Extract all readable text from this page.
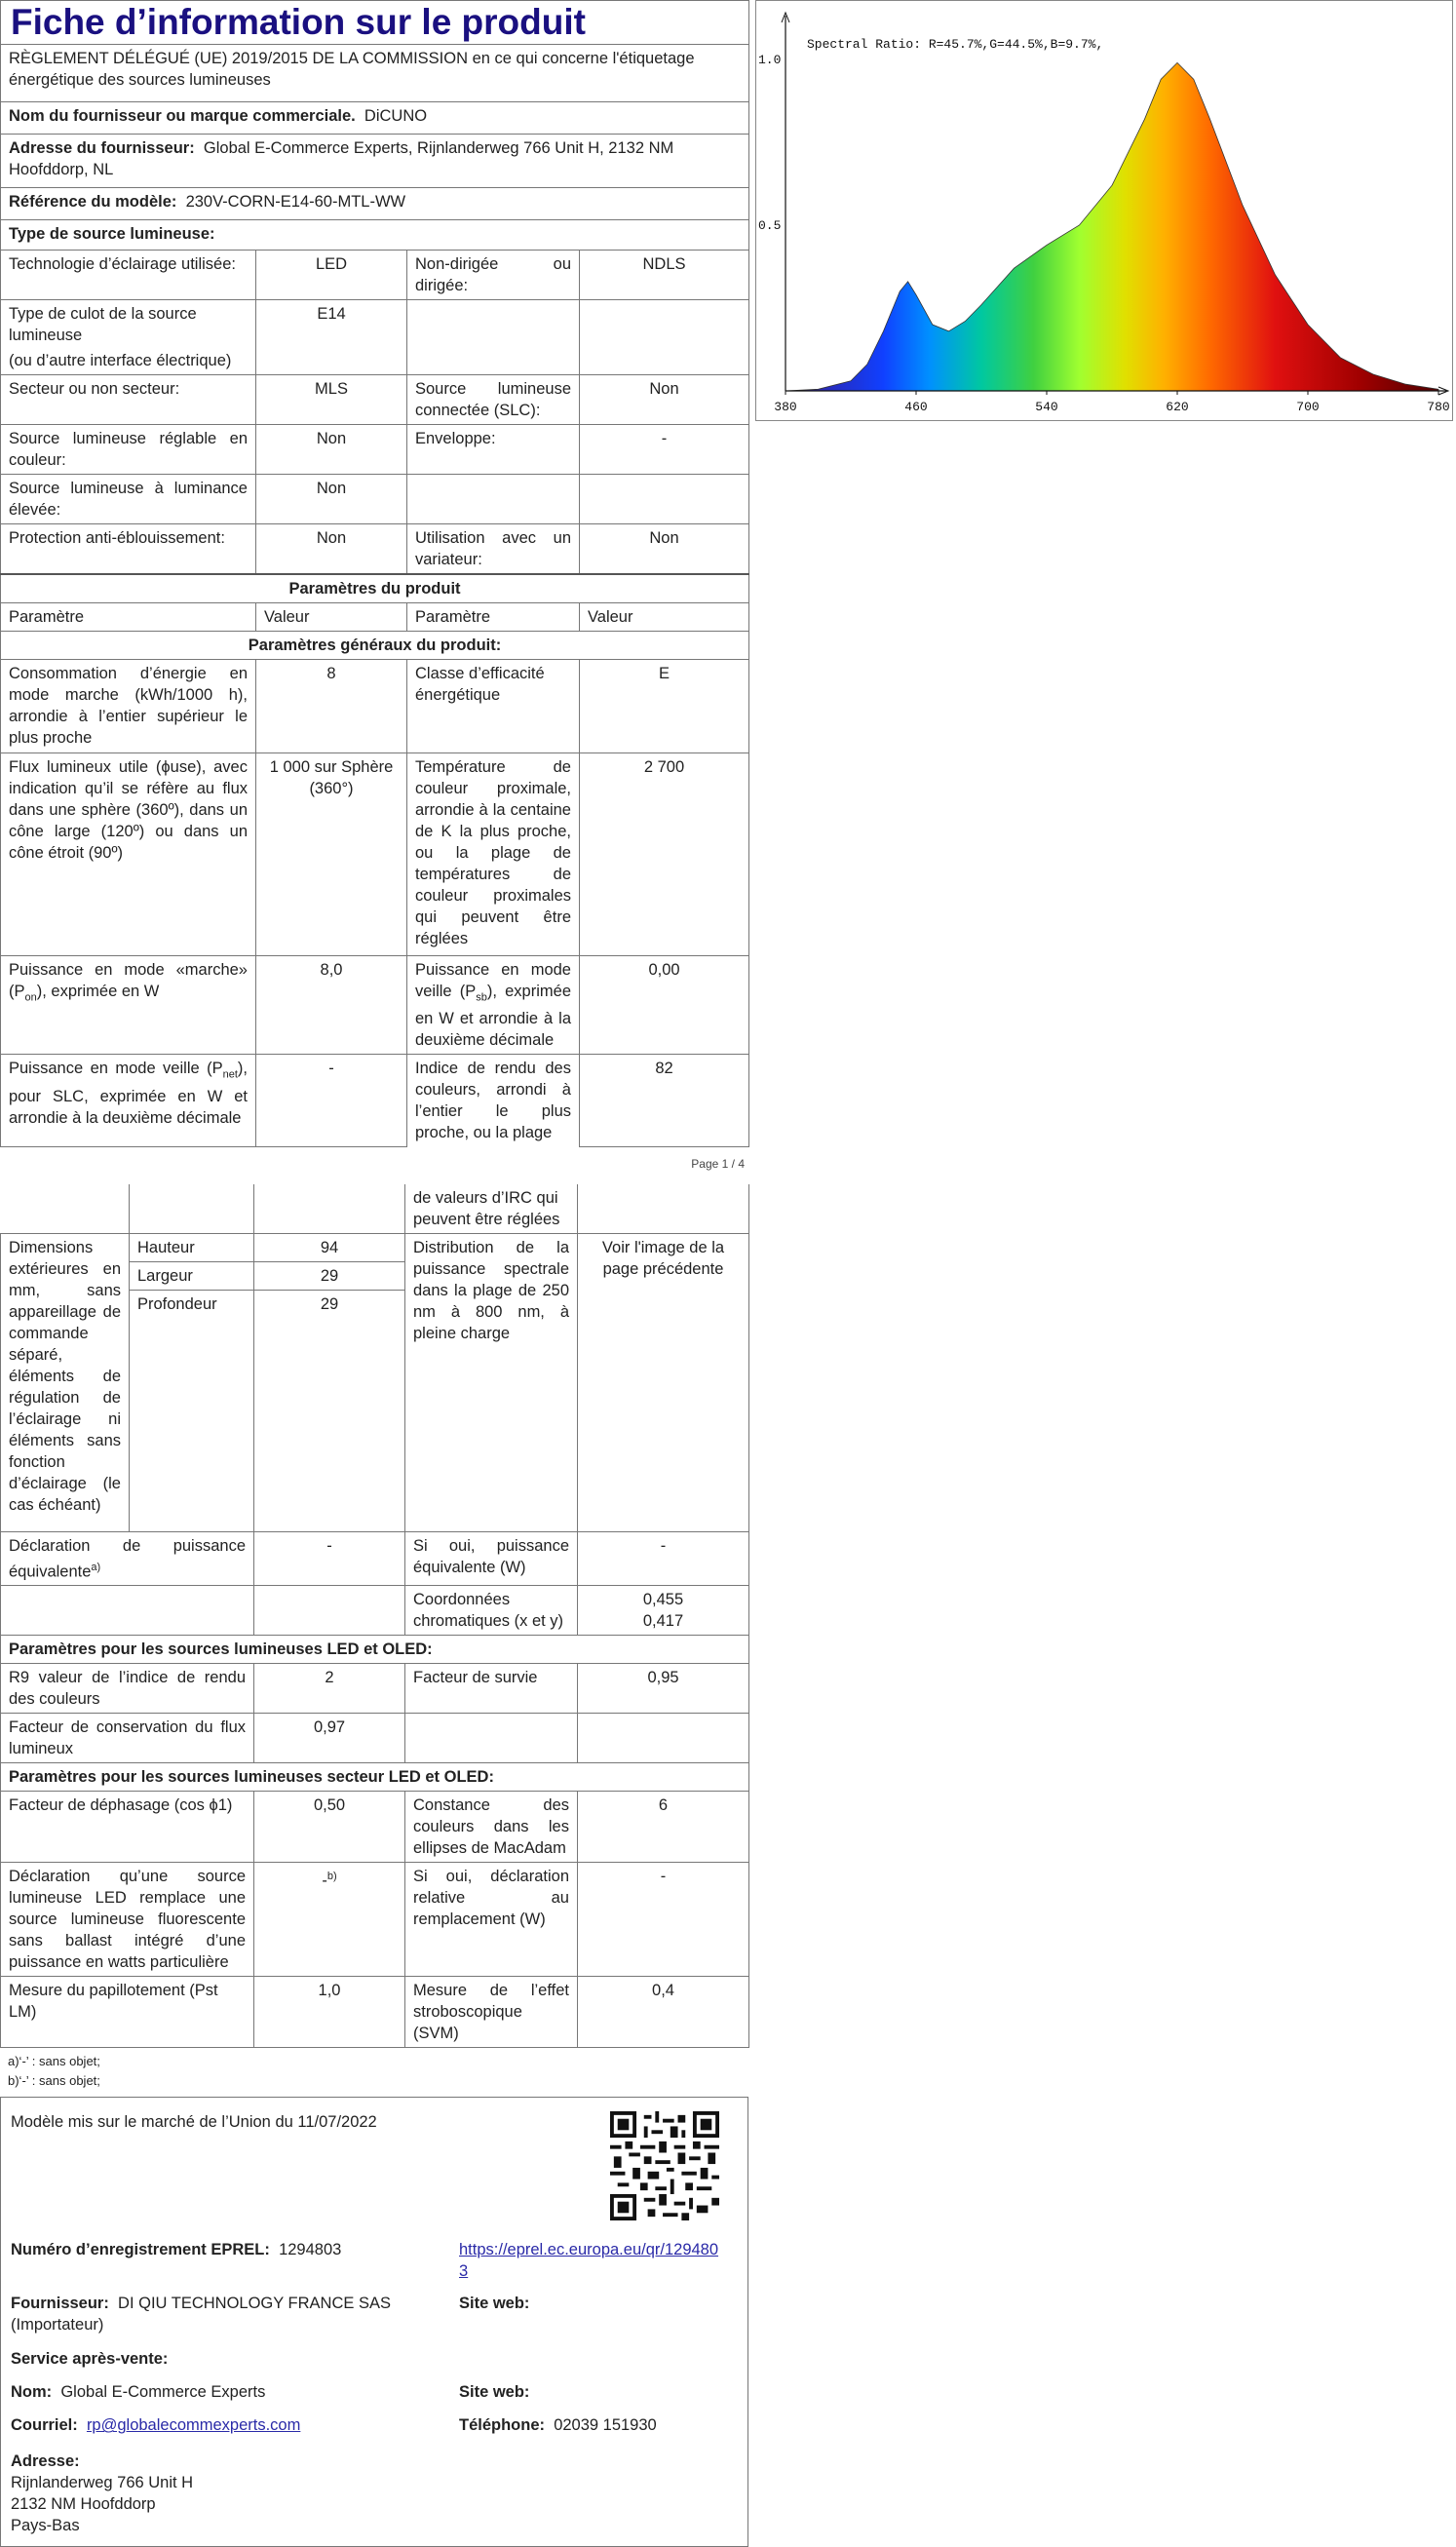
Fiche d’information sur le produit			
RÈGLEMENT DÉLÉGUÉ (UE) 2019/2015 DE LA COMMISSION en ce qui concerne l'étiquetage énergétique des sources lumineuses			
Nom du fournisseur ou marque commerciale. DiCUNO			
Adresse du fournisseur: Global E-Commerce Experts, Rijnlanderweg 766 Unit H, 2132 NM Hoofddorp, NL			
Référence du modèle: 230V-CORN-E14-60-MTL-WW			
Type de source lumineuse:			
Technologie d’éclairage utilisée:	LED	Non-dirigée ou dirigée:	NDLS

Type de culot de la source lumineuse
(ou d’autre interface électrique)	E14		
Secteur ou non secteur:	MLS	Source lumineuse connectée (SLC):	Non
Source lumineuse réglable en couleur:	Non	Enveloppe:	-
Source lumineuse à luminance élevée:	Non		
Protection anti-éblouissement:	Non	Utilisation avec un variateur:	Non
Paramètres du produit			
Paramètre	Valeur	Paramètre	Valeur
Paramètres généraux du produit:			
Consommation d’énergie en mode marche (kWh/1000 h), arrondie à l’entier supérieur le plus proche	8	Classe d’efficacité énergétique	E
Flux lumineux utile (ϕuse), avec indication qu’il se réfère au flux dans une sphère (360º), dans un cône large (120º) ou dans un cône étroit (90º)	1 000 sur Sphère (360°)	Température de couleur proximale, arrondie à la centaine de K la plus proche, ou la plage de températures de couleur proximales qui peuvent être réglées	2 700
Puissance en mode «marche» $(P_{on})$, exprimée en W	8,0	Puissance en mode veille $(P_{sb})$, exprimée en W et arrondie à la deuxième décimale	0,00
Puissance en mode veille $(P_{net})$, pour SLC, exprimée en W et arrondie à la deuxième décimale	-	Indice de rendu des couleurs, arrondi à l’entier le plus proche, ou la plage	82
Page 1 / 4
			de valeurs d’IRC qui peuvent être réglées	
Dimensions extérieures en mm, sans appareillage de commande séparé, éléments de régulation de l’éclairage ni éléments sans fonction d’éclairage (le cas échéant)	Hauteur	94	Distribution de la puissance spectrale dans la plage de 250 nm à 800 nm, à pleine charge	Voir l'image de la page précédente
	Largeur	29		
	Profondeur	29		
Déclaration de puissance équivalente$^{a)}$		-	Si oui, puissance équivalente (W)	-
			Coordonnées chromatiques (x et y)	0,455
0,417

Paramètres pour les sources lumineuses LED et OLED:				
R9 valeur de l’indice de rendu des couleurs		2	Facteur de survie	0,95
Facteur de conservation du flux lumineux		0,97		
Paramètres pour les sources lumineuses secteur LED et OLED:				
Facteur de déphasage (cos ϕ1)		0,50	Constance des couleurs dans les ellipses de MacAdam	6
Déclaration qu’une source lumineuse LED remplace une source lumineuse fluorescente sans ballast intégré d’une puissance en watts particulière		-$^{b)}$	Si oui, déclaration relative au remplacement (W)	-
Mesure du papillotement (Pst LM)		1,0	Mesure de l’effet stroboscopique (SVM)	0,4
a)‘-’ : sans objet;
b)‘-’ : sans objet;
Modèle mis sur le marché de l’Union du 11/07/2022
Numéro d’enregistrement EPREL: 1294803	https://eprel.ec.europa.eu/qr/1294803
Fournisseur: DI QIU TECHNOLOGY FRANCE SAS (Importateur)
Site web:
Service après-vente:
Nom: Global E-Commerce Experts	Site web:
Courriel: rp@globalecommexperts.com	Téléphone: 02039 151930
Adresse:
Rijnlanderweg 766 Unit H
2132 NM Hoofddorp
Pays-Bas
1.0
0.5
380	460	540	620	700	780
Spectral Ratio: R=45.7%,G=44.5%,B=9.7%,
